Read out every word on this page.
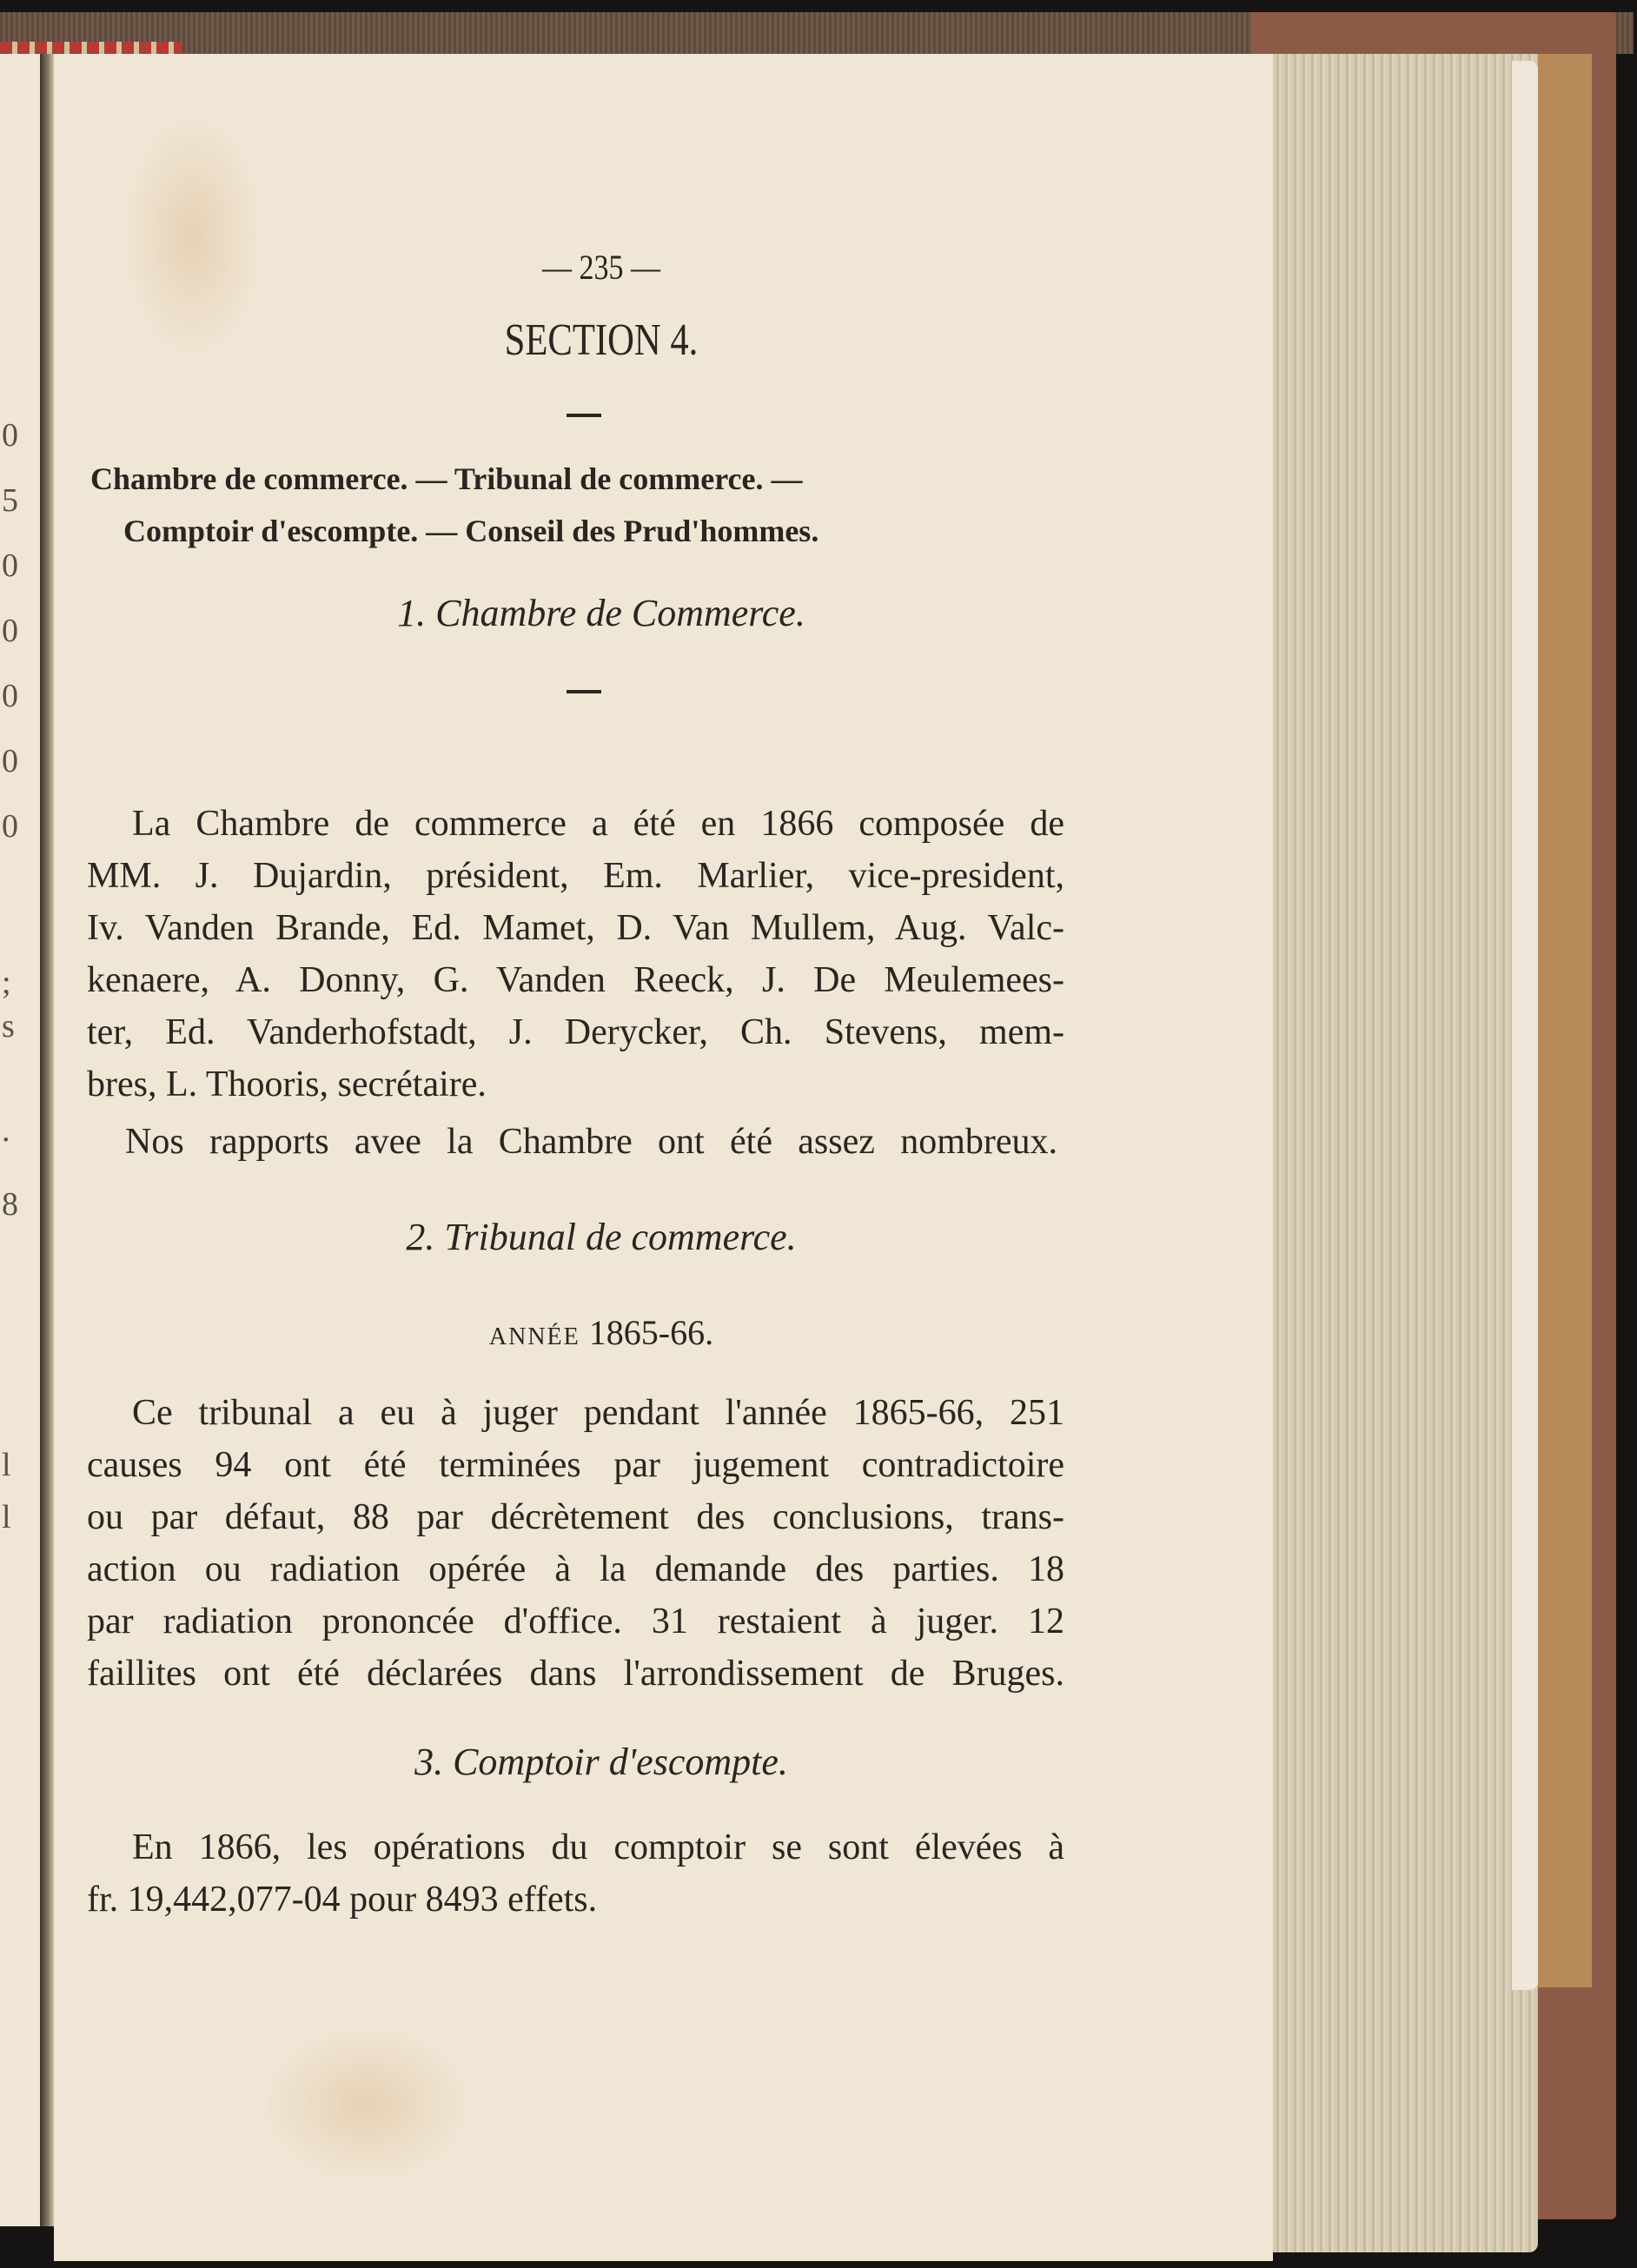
0
5
0
0
0
0
0
;
s
.
8
l
l
— 235 —
SECTION 4.
Chambre de commerce. — Tribunal de commerce. —
Comptoir d'escompte. — Conseil des Prud'hommes.
1. Chambre de Commerce.
La Chambre de commerce a été en 1866 composée de
MM. J. Dujardin, président, Em. Marlier, vice-president,
Iv. Vanden Brande, Ed. Mamet, D. Van Mullem, Aug. Valc-
kenaere, A. Donny, G. Vanden Reeck, J. De Meulemees-
ter, Ed. Vanderhofstadt, J. Derycker, Ch. Stevens, mem-
bres, L. Thooris, secrétaire.
Nos rapports avee la Chambre ont été assez nombreux.
2. Tribunal de commerce.
ANNÉE 1865-66.
Ce tribunal a eu à juger pendant l'année 1865-66, 251
causes 94 ont été terminées par jugement contradictoire
ou par défaut, 88 par décrètement des conclusions, trans-
action ou radiation opérée à la demande des parties. 18
par radiation prononcée d'office. 31 restaient à juger. 12
faillites ont été déclarées dans l'arrondissement de Bruges.
3. Comptoir d'escompte.
En 1866, les opérations du comptoir se sont élevées à
fr. 19,442,077-04 pour 8493 effets.
